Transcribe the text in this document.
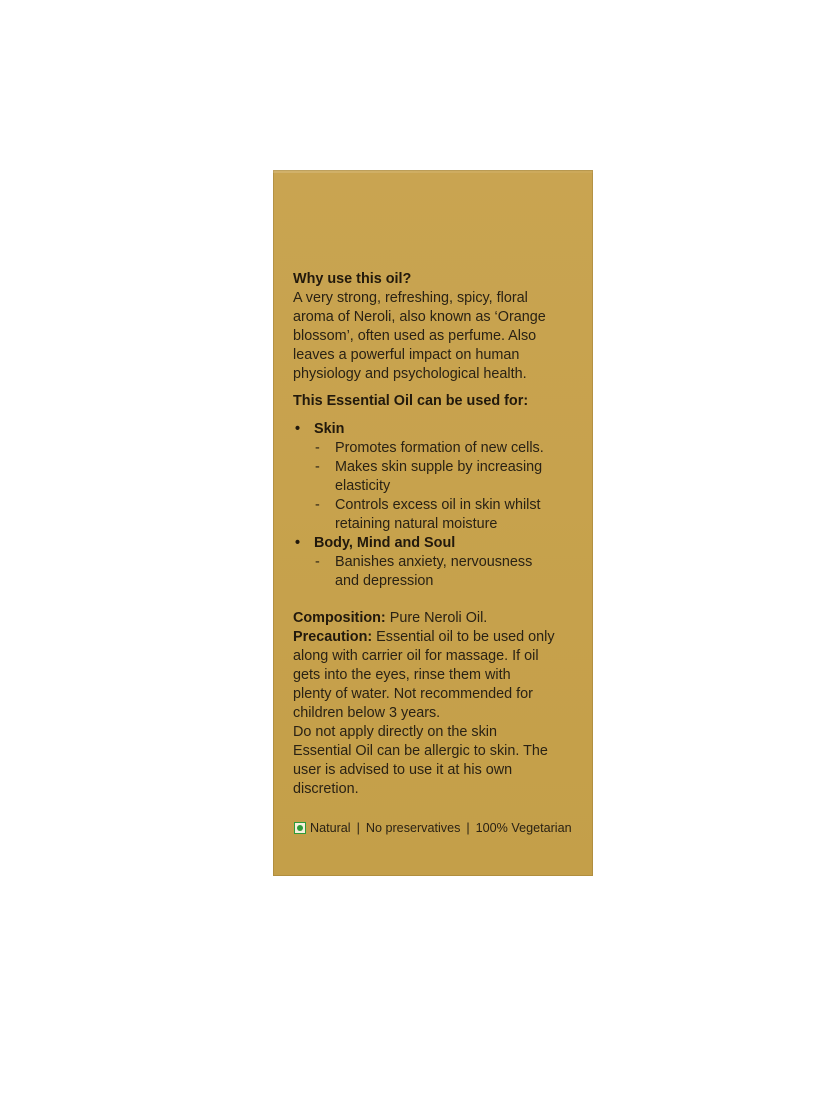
Why use this oil?
A very strong, refreshing, spicy, floral
aroma of Neroli, also known as ‘Orange
blossom’, often used as perfume. Also
leaves a powerful impact on human
physiology and psychological health.
This Essential Oil can be used for:
• Skin
- Promotes formation of new cells.
- Makes skin supple by increasing
elasticity
- Controls excess oil in skin whilst
retaining natural moisture
• Body, Mind and Soul
- Banishes anxiety, nervousness
and depression
Composition: Pure Neroli Oil.
Precaution: Essential oil to be used only
along with carrier oil for massage. If oil
gets into the eyes, rinse them with
plenty of water. Not recommended for
children below 3 years.
Do not apply directly on the skin
Essential Oil can be allergic to skin. The
user is advised to use it at his own
discretion.
Natural | No preservatives | 100% Vegetarian
